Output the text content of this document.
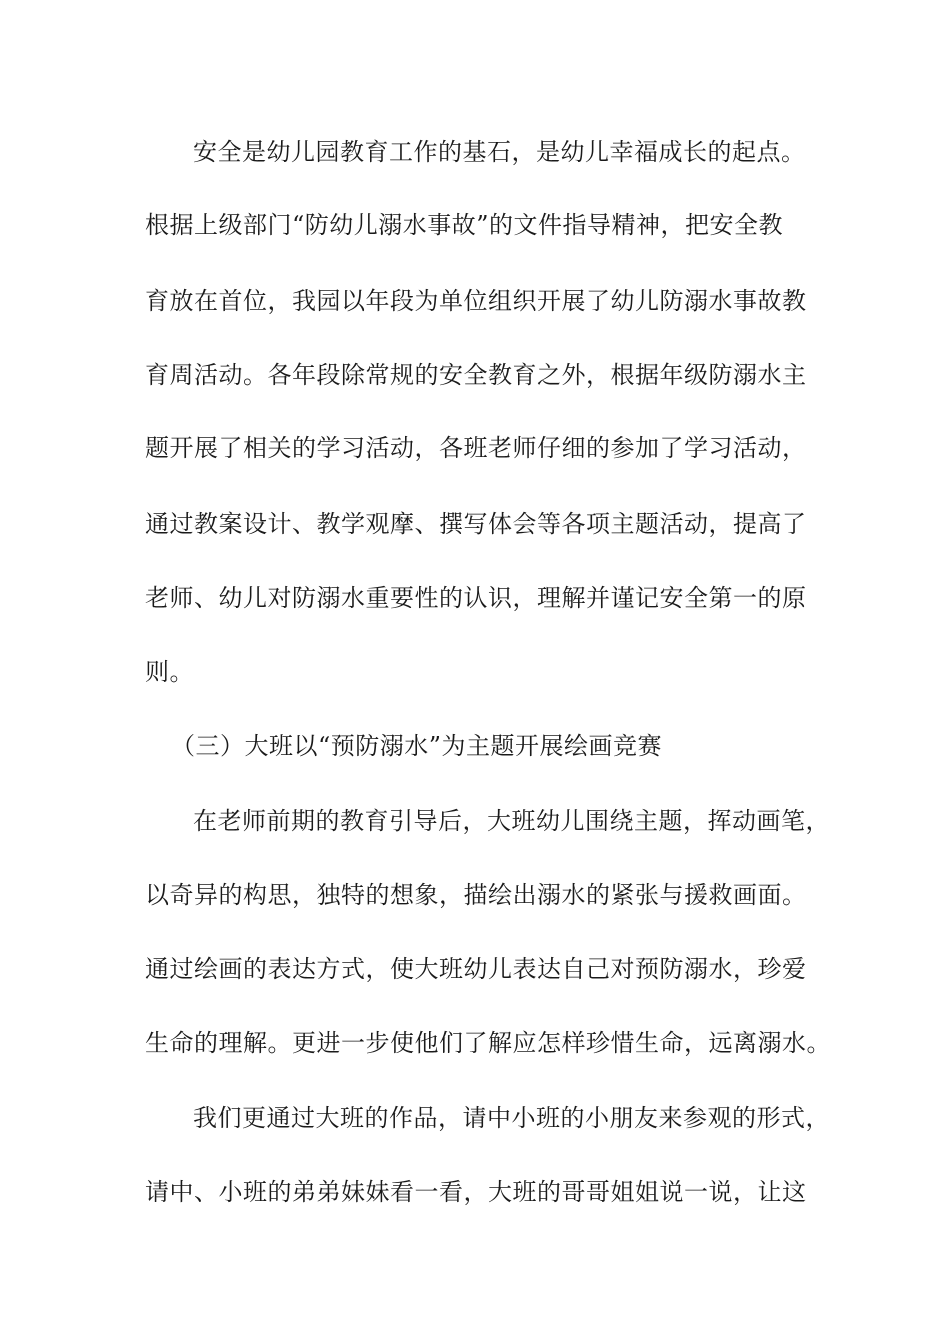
安全是幼儿园教育工作的基石，是幼儿幸福成长的起点。
根据上级部门“防幼儿溺水事故”的文件指导精神，把安全教
育放在首位，我园以年段为单位组织开展了幼儿防溺水事故教
育周活动。各年段除常规的安全教育之外，根据年级防溺水主
题开展了相关的学习活动，各班老师仔细的参加了学习活动，
通过教案设计、教学观摩、撰写体会等各项主题活动，提高了
老师、幼儿对防溺水重要性的认识，理解并谨记安全第一的原
则。
（三）大班以“预防溺水”为主题开展绘画竞赛
在老师前期的教育引导后，大班幼儿围绕主题，挥动画笔，
以奇异的构思，独特的想象，描绘出溺水的紧张与援救画面。
通过绘画的表达方式，使大班幼儿表达自己对预防溺水，珍爱
生命的理解。更进一步使他们了解应怎样珍惜生命，远离溺水。
我们更通过大班的作品，请中小班的小朋友来参观的形式，
请中、小班的弟弟妹妹看一看，大班的哥哥姐姐说一说，让这
